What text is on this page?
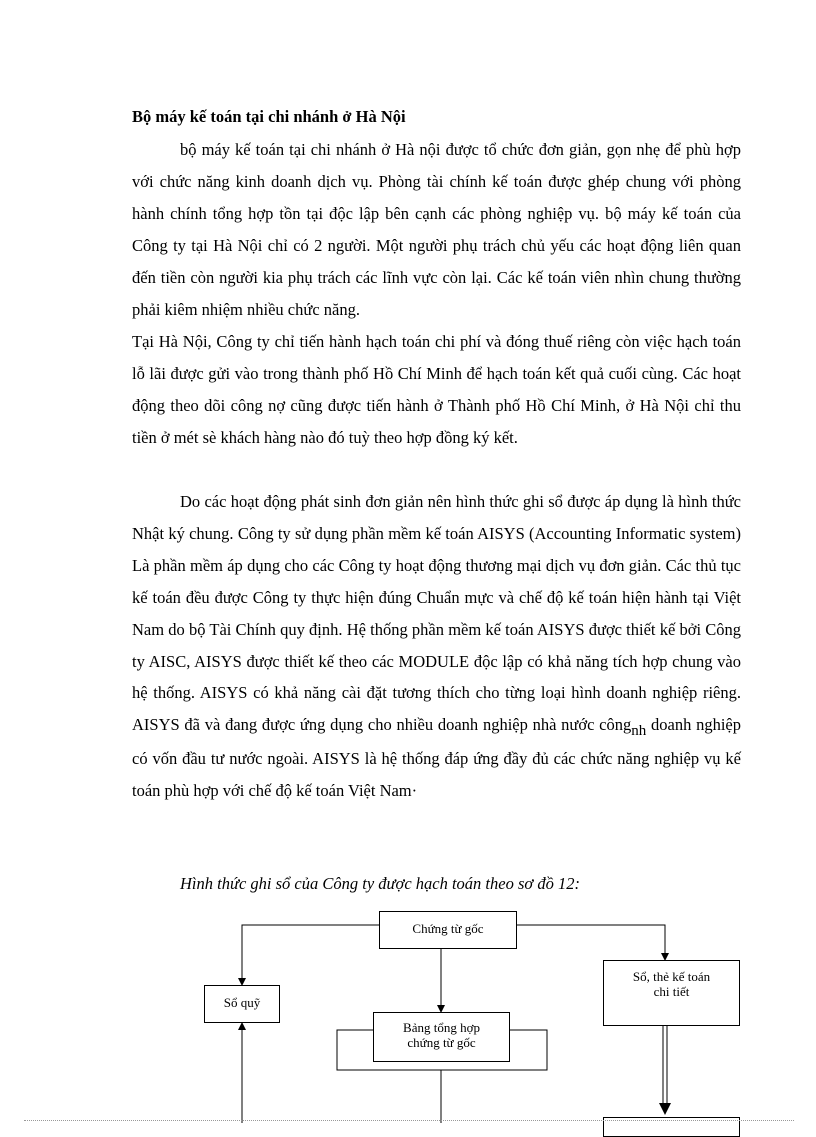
Bộ máy kế toán tại chi nhánh ở Hà Nội

bộ máy kế toán tại chi nhánh ở Hà nội được tổ chức đơn giản, gọn nhẹ để phù hợp với chức năng kinh doanh dịch vụ. Phòng tài chính kế toán được ghép chung với phòng hành chính tổng hợp tồn tại độc lập bên cạnh các phòng nghiệp vụ. bộ máy kế toán của Công ty tại Hà Nội chỉ có 2 người. Một người phụ trách chủ yếu các hoạt động liên quan đến tiền còn người kia phụ trách các lĩnh vực còn lại. Các kế toán viên nhìn chung thường phải kiêm nhiệm nhiều chức năng.

Tại Hà Nội, Công ty chỉ tiến hành hạch toán chi phí và đóng thuế riêng còn việc hạch toán lỗ lãi được gửi vào trong thành phố Hồ Chí Minh để hạch toán kết quả cuối cùng. Các hoạt động theo dõi công nợ cũng được tiến hành ở Thành phố Hồ Chí Minh, ở Hà Nội chỉ thu tiền ở mét sè khách hàng nào đó tuỳ theo hợp đồng ký kết.

Do các hoạt động phát sinh đơn giản nên hình thức ghi sổ được áp dụng là hình thức Nhật ký chung. Công ty sử dụng phần mềm kế toán AISYS (Accounting Informatic system) Là phần mềm áp dụng cho các Công ty hoạt động thương mại dịch vụ đơn giản. Các thủ tục kế toán đều được Công ty thực hiện đúng Chuẩn mực và chế độ kế toán hiện hành tại Việt Nam do bộ Tài Chính quy định. Hệ thống phần mềm kế toán AISYS được thiết kế bởi Công ty AISC, AISYS được thiết kế theo các MODULE độc lập có khả năng tích hợp chung vào hệ thống. AISYS có khả năng cài đặt tương thích cho từng loại hình doanh nghiệp riêng. AISYS đã và đang được ứng dụng cho nhiều doanh nghiệp nhà nước côngnh doanh nghiệp có vốn đầu tư nước ngoài. AISYS là hệ thống đáp ứng đầy đủ các chức năng nghiệp vụ kế toán phù hợp với chế độ kế toán Việt Nam·

Hình thức ghi sổ của Công ty được hạch toán theo sơ đồ 12:

Chứng từ gốc
Sổ quỹ
Sổ, thẻ kế toán
chi tiết
Bảng tổng hợp
chứng từ gốc
